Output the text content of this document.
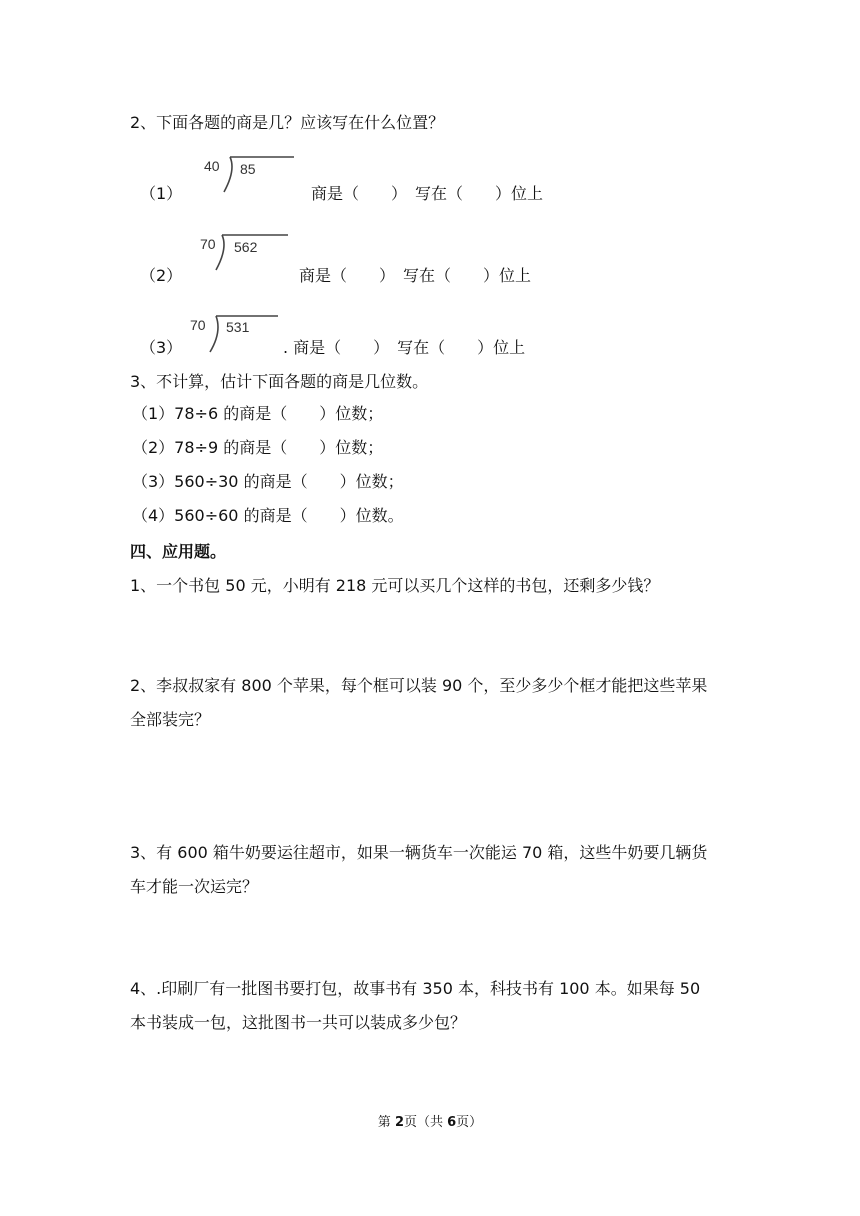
2、下面各题的商是几？应该写在什么位置？
40 85
（1）	商是（　　）　写在（　　）位上
70 562
（2）	商是（　　）　写在（　　）位上
70 531
（3）	. 商是（　　）　写在（　　）位上
3、不计算，估计下面各题的商是几位数。
（1）78÷6 的商是（　　）位数；
（2）78÷9 的商是（　　）位数；
（3）560÷30 的商是（　　）位数；
（4）560÷60 的商是（　　）位数。
四、应用题。
1、一个书包 50 元，小明有 218 元可以买几个这样的书包，还剩多少钱？
2、李叔叔家有 800 个苹果，每个框可以装 90 个，至少多少个框才能把这些苹果
全部装完？
3、有 600 箱牛奶要运往超市，如果一辆货车一次能运 70 箱，这些牛奶要几辆货
车才能一次运完？
4、.印刷厂有一批图书要打包，故事书有 350 本，科技书有 100 本。如果每 50
本书装成一包，这批图书一共可以装成多少包？
第 2页（共 6页）
